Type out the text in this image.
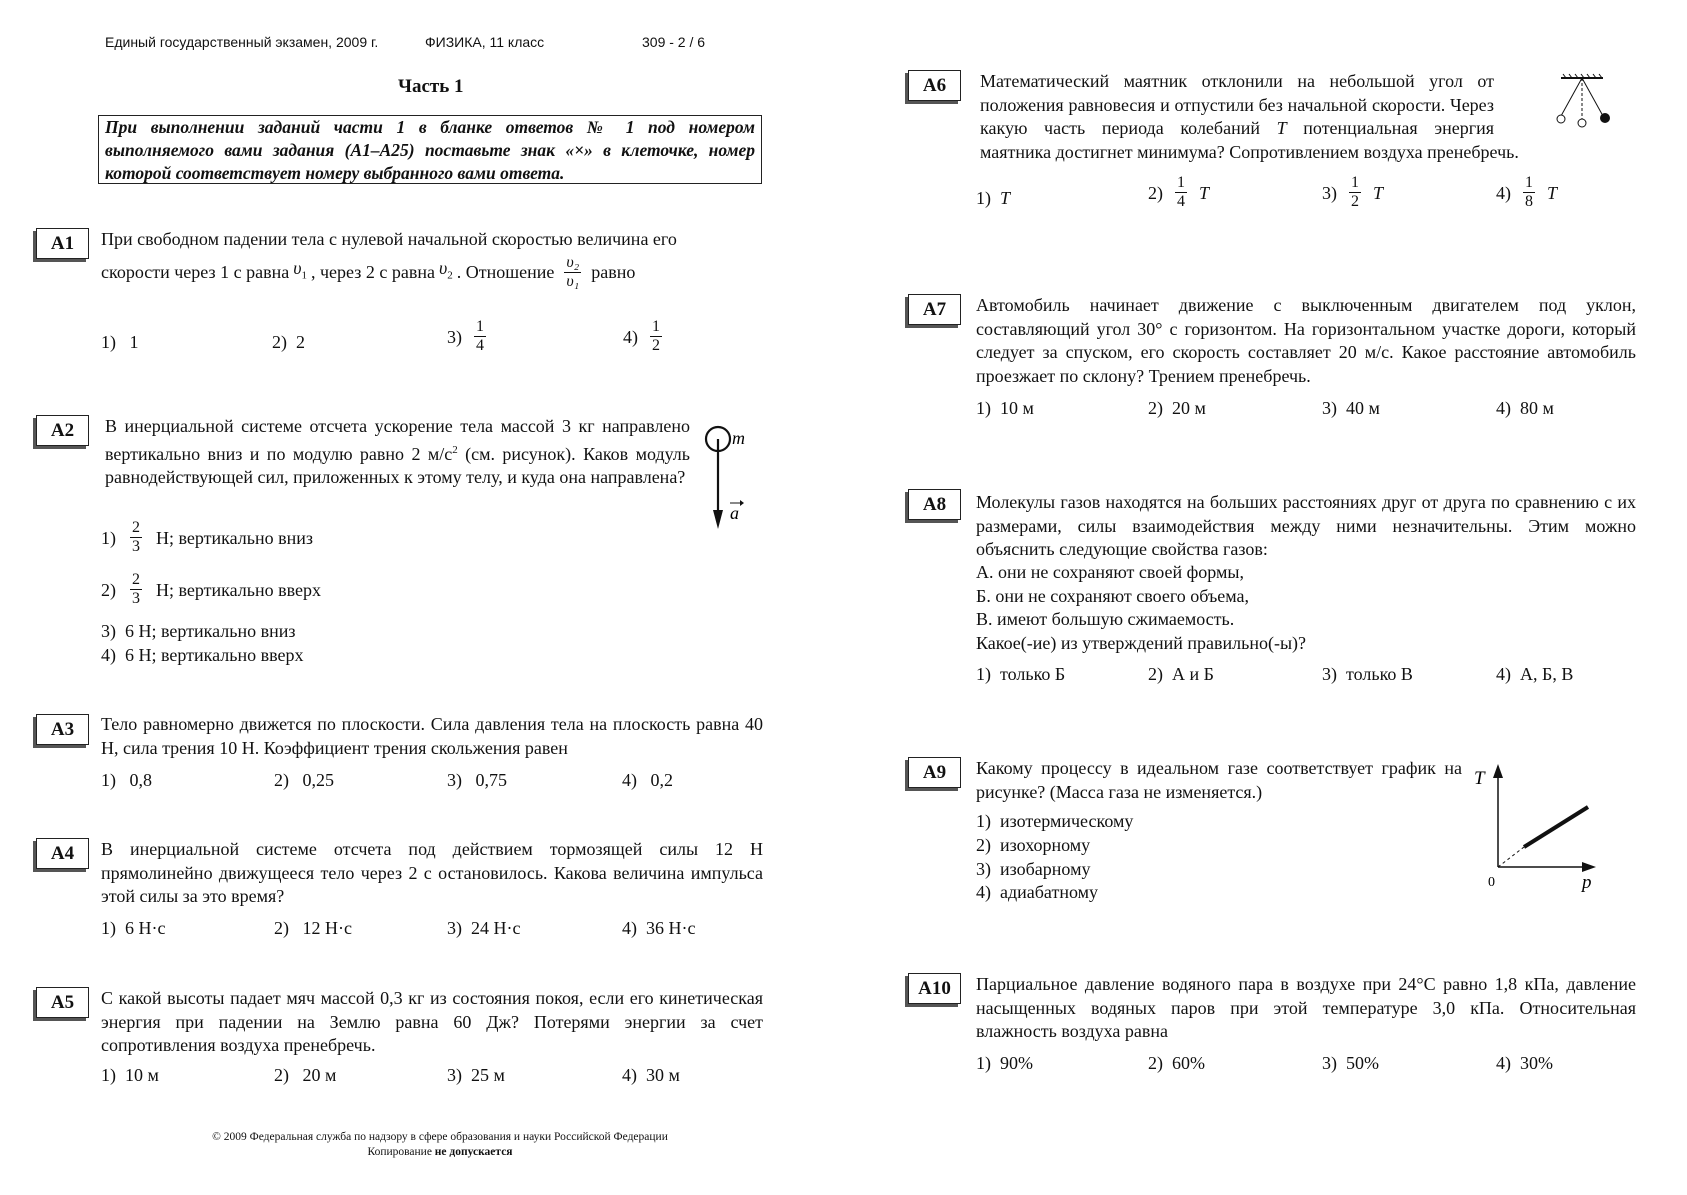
Единый государственный экзамен, 2009 г.	ФИЗИКА, 11 класс	309 - 2 / 6
Часть 1
При выполнении заданий части 1 в бланке ответов № 1 под номером выполняемого вами задания (А1–А25) поставьте знак «×» в клеточке, номер которой соответствует номеру выбранного вами ответа.
А1	При свободном падении тела с нулевой начальной скоростью величина его
скорости через 1 с равна $\upsilon_1$ , через 2 с равна $\upsilon_2$ . Отношение $\frac{\text{υ₂}}{\text{υ₁}}$ равно
1) 1	2) 2	$3) \frac{1}{4}$	$4) \frac{1}{2}$
А2	В инерциальной системе отсчета ускорение тела массой 3 кг направлено вертикально вниз и по модулю равно 2 $м/с^2$ (см. рисунок). Каков модуль равнодействующей сил, приложенных к этому телу, и куда она направлена?
m
a
$1) \frac{2}{3} Н$; вертикально вниз
$2) \frac{2}{3} Н$; вертикально вверх
3) 6 Н; вертикально вниз
4) 6 Н; вертикально вверх
А3	Тело равномерно движется по плоскости. Сила давления тела на плоскость равна 40 Н, сила трения 10 Н. Коэффициент трения скольжения равен
1) 0,8	2) 0,25	3) 0,75	4) 0,2
А4	В инерциальной системе отсчета под действием тормозящей силы 12 Н прямолинейно движущееся тело через 2 с остановилось. Какова величина импульса этой силы за это время?
1) 6 Н·с	2) 12 Н·с	3) 24 Н·с	4) 36 Н·с
А5	С какой высоты падает мяч массой 0,3 кг из состояния покоя, если его кинетическая энергия при падении на Землю равна 60 Дж? Потерями энергии за счет сопротивления воздуха пренебречь.
1) 10 м	2) 20 м	3) 25 м	4) 30 м
© 2009 Федеральная служба по надзору в сфере образования и науки Российской Федерации
Копирование не допускается
А6	Математический маятник отклонили на небольшой угол от положения равновесия и отпустили без начальной скорости. Через какую часть периода колебаний T потенциальная энергия маятника достигнет минимума? Сопротивлением воздуха пренебречь.
1) T	$2) \frac{1}{4}$ T	$3) \frac{1}{2}$ T	$4) \frac{1}{8}$ T
А7	Автомобиль начинает движение с выключенным двигателем под уклон, составляющий угол 30° с горизонтом. На горизонтальном участке дороги, который следует за спуском, его скорость составляет 20 м/с. Какое расстояние автомобиль проезжает по склону? Трением пренебречь.
1) 10 м	2) 20 м	3) 40 м	4) 80 м
А8	Молекулы газов находятся на больших расстояниях друг от друга по сравнению с их размерами, силы взаимодействия между ними незначительны. Этим можно объяснить следующие свойства газов:
А. они не сохраняют своей формы,
Б. они не сохраняют своего объема,
В. имеют большую сжимаемость.
Какое(-ие) из утверждений правильно(-ы)?
1) только Б	2) А и Б	3) только В	4) А, Б, В
А9	Какому процессу в идеальном газе соответствует график на рисунке? (Масса газа не изменяется.)
1) изотермическому
2) изохорному
3) изобарному
4) адиабатному
T
p
0
А10	Парциальное давление водяного пара в воздухе при 24°С равно 1,8 кПа, давление насыщенных водяных паров при этой температуре 3,0 кПа. Относительная влажность воздуха равна
1) 90%	2) 60%	3) 50%	4) 30%
